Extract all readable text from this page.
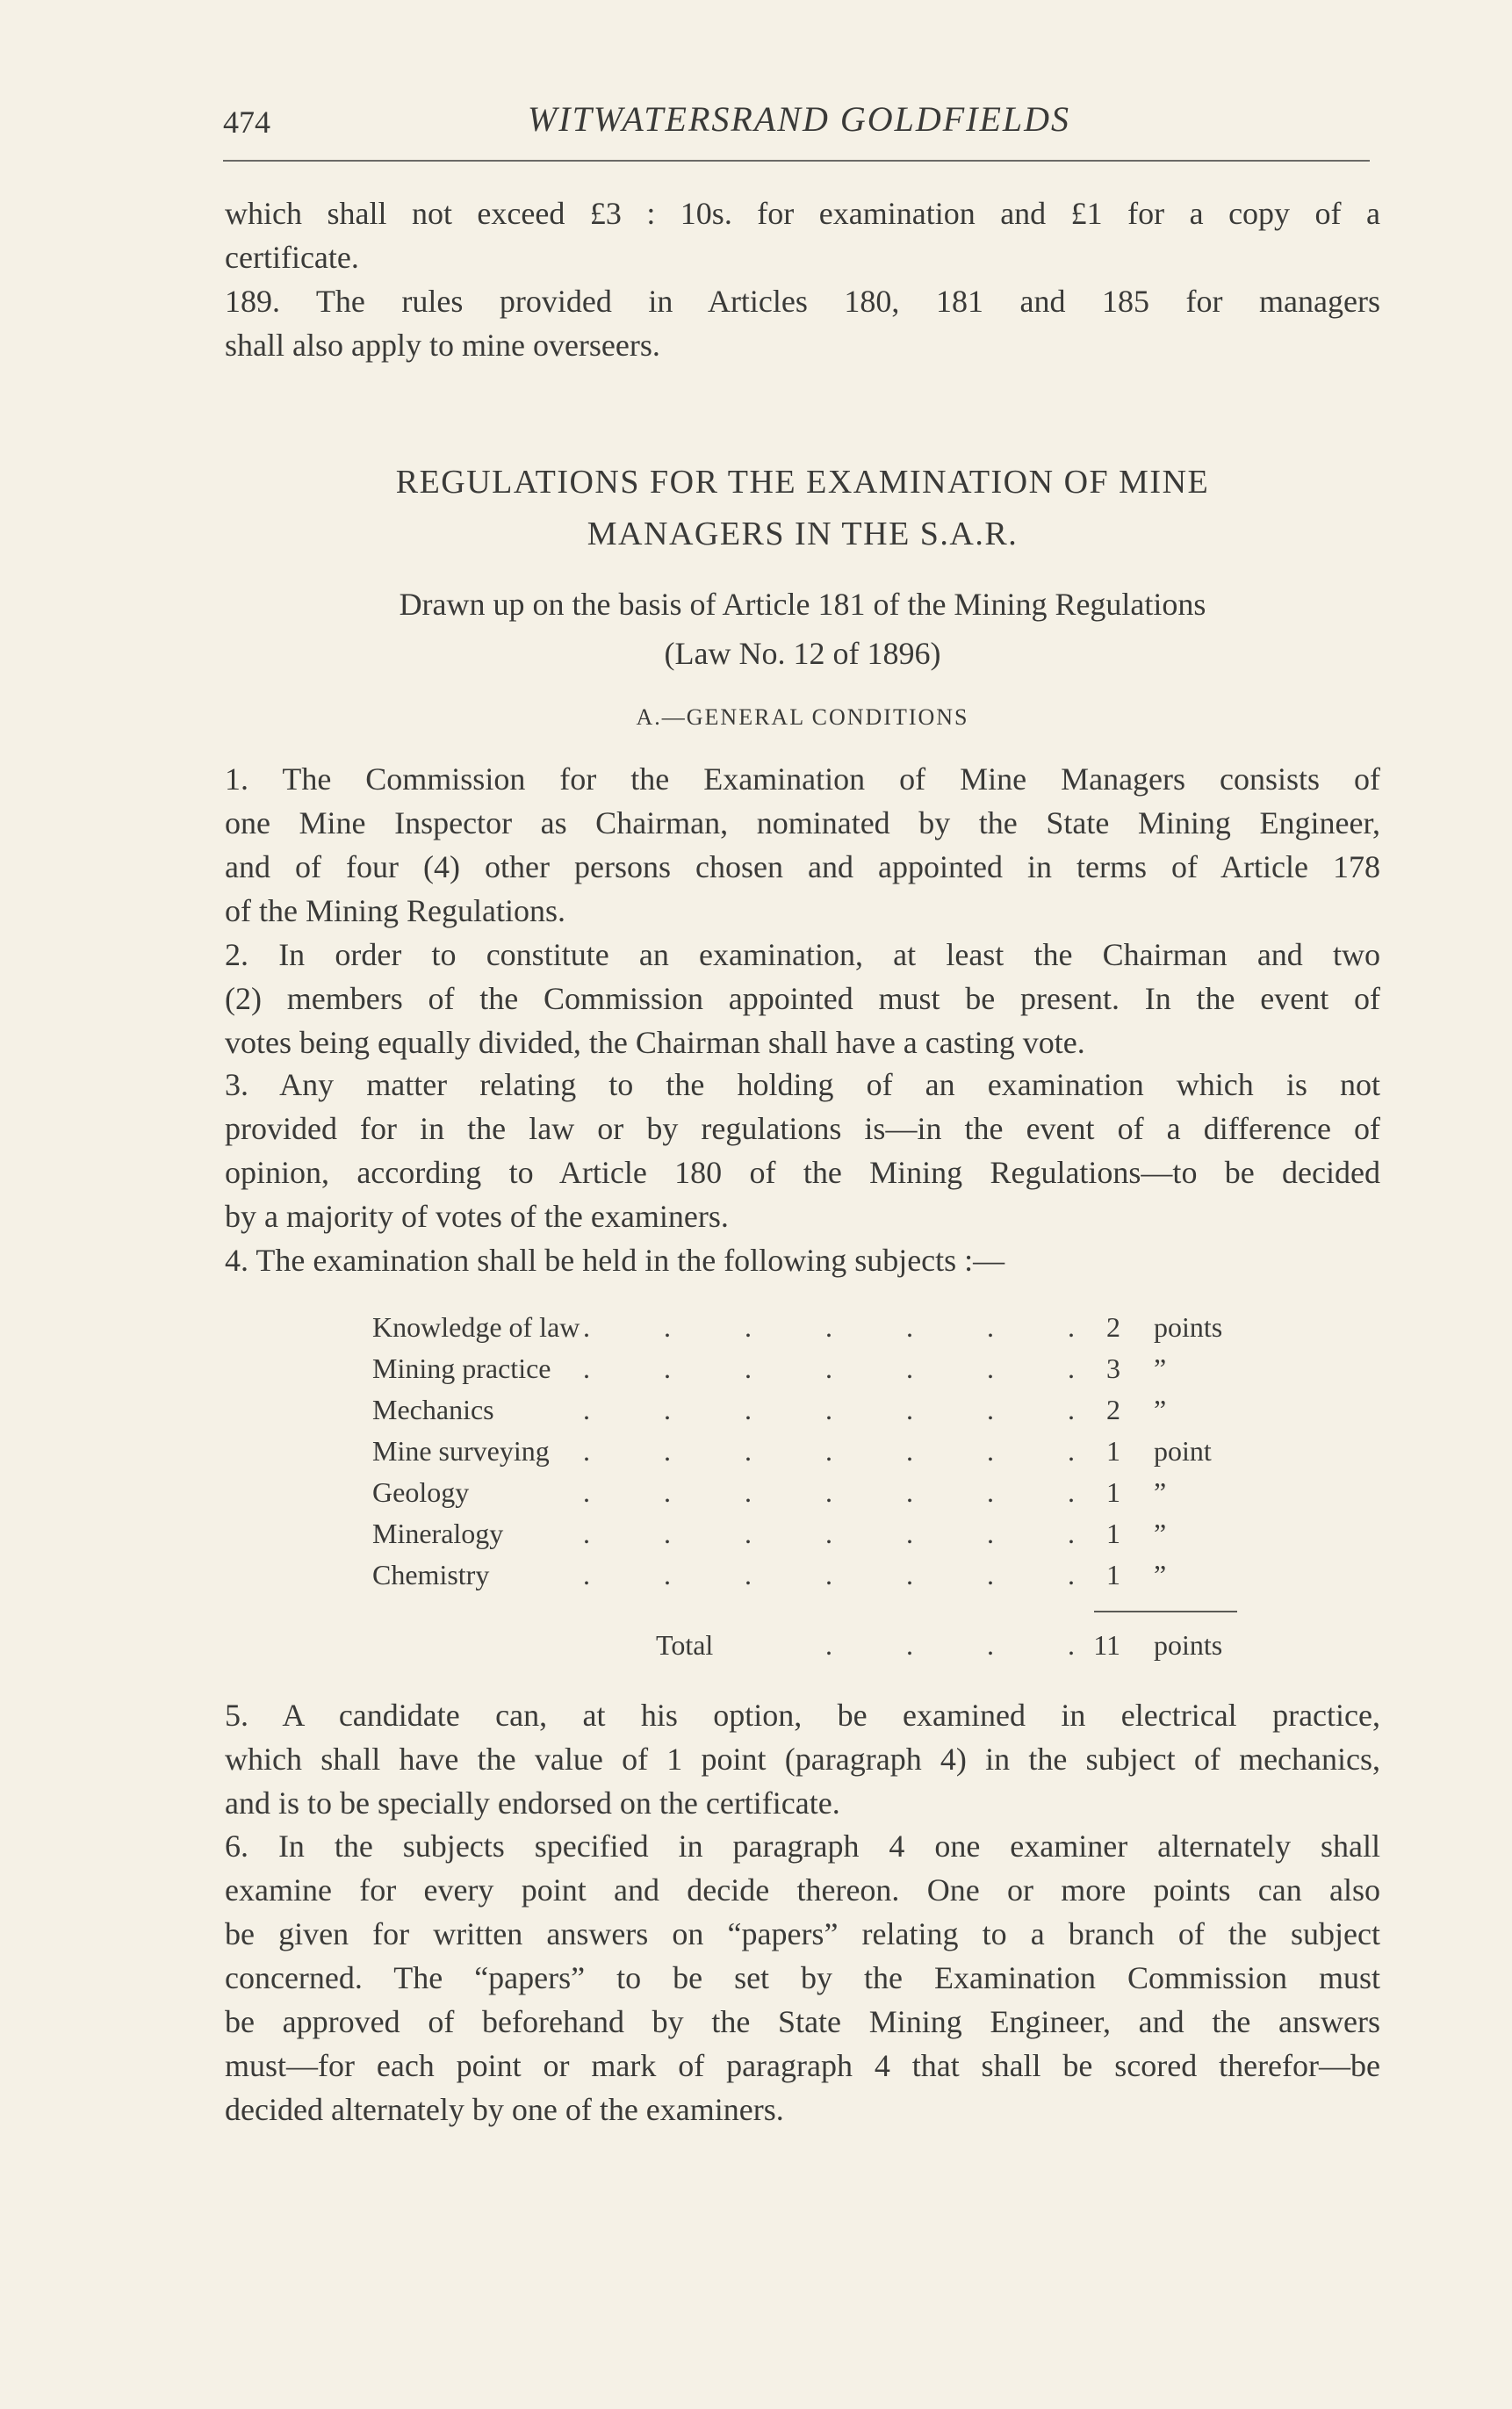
474	WITWATERSRAND GOLDFIELDS
which shall not exceed £3 : 10s. for examination and £1 for a copy of a
certificate.
189. The rules provided in Articles 180, 181 and 185 for managers
shall also apply to mine overseers.
REGULATIONS FOR THE EXAMINATION OF MINE
MANAGERS IN THE S.A.R.
Drawn up on the basis of Article 181 of the Mining Regulations
(Law No. 12 of 1896)
A.—GENERAL CONDITIONS
1. The Commission for the Examination of Mine Managers consists of
one Mine Inspector as Chairman, nominated by the State Mining Engineer,
and of four (4) other persons chosen and appointed in terms of Article 178
of the Mining Regulations.
2. In order to constitute an examination, at least the Chairman and two
(2) members of the Commission appointed must be present. In the event of
votes being equally divided, the Chairman shall have a casting vote.
3. Any matter relating to the holding of an examination which is not
provided for in the law or by regulations is—in the event of a difference of
opinion, according to Article 180 of the Mining Regulations—to be decided
by a majority of votes of the examiners.
4. The examination shall be held in the following subjects :—
Knowledge of law .	.	.	.	.	.	. 2 points
Mining practice .	.	.	.	.	.	. 3 ”
Mechanics	.	.	.	.	.	.	. 2 ”
Mine surveying .	.	.	.	.	.	. 1 point
Geology	.	.	.	.	.	.	. 1 ”
Mineralogy	.	.	.	.	.	.	. 1 ”
Chemistry	.	.	.	.	.	.	. 1 ”
Total	.	.	.	. 11 points
5. A candidate can, at his option, be examined in electrical practice,
which shall have the value of 1 point (paragraph 4) in the subject of mechanics,
and is to be specially endorsed on the certificate.
6. In the subjects specified in paragraph 4 one examiner alternately shall
examine for every point and decide thereon. One or more points can also
be given for written answers on “papers” relating to a branch of the subject
concerned. The “papers” to be set by the Examination Commission must
be approved of beforehand by the State Mining Engineer, and the answers
must—for each point or mark of paragraph 4 that shall be scored therefor—be
decided alternately by one of the examiners.
